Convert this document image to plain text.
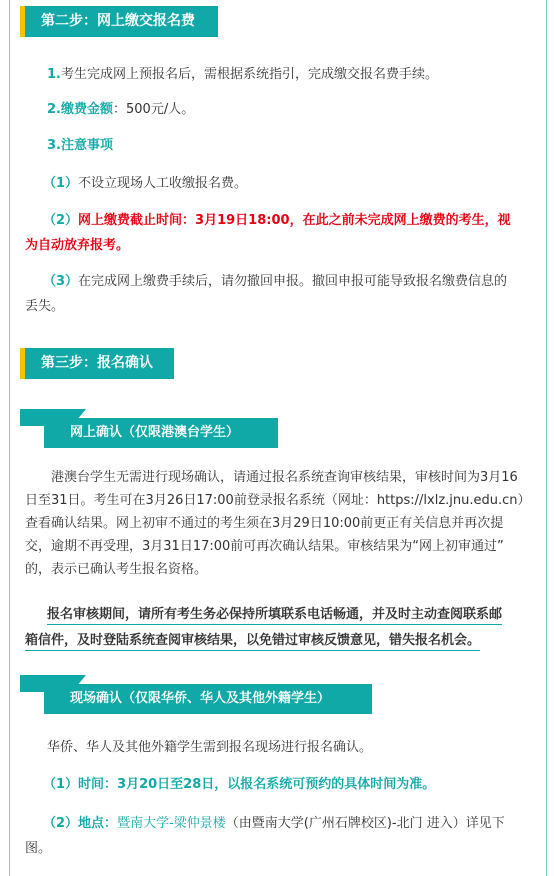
第二步：网上缴交报名费
1.考生完成网上预报名后，需根据系统指引，完成缴交报名费手续。
2.缴费金额：500元/人。
3.注意事项
（1）不设立现场人工收缴报名费。
（2）网上缴费截止时间：3月19日18:00，在此之前未完成网上缴费的考生，视
为自动放弃报考。
（3）在完成网上缴费手续后，请勿撤回申报。撤回申报可能导致报名缴费信息的
丢失。
第三步：报名确认
网上确认（仅限港澳台学生）
港澳台学生无需进行现场确认，请通过报名系统查询审核结果，审核时间为3月16
日至31日。考生可在3月26日17:00前登录报名系统（网址：https://lxlz.jnu.edu.cn）
查看确认结果。网上初审不通过的考生须在3月29日10:00前更正有关信息并再次提
交，逾期不再受理，3月31日17:00前可再次确认结果。审核结果为“网上初审通过”
的，表示已确认考生报名资格。
报名审核期间，请所有考生务必保持所填联系电话畅通，并及时主动查阅联系邮
箱信件，及时登陆系统查阅审核结果，以免错过审核反馈意见，错失报名机会。
现场确认（仅限华侨、华人及其他外籍学生）
华侨、华人及其他外籍学生需到报名现场进行报名确认。
（1）时间：3月20日至28日，以报名系统可预约的具体时间为准。
（2）地点：暨南大学-梁仲景楼（由暨南大学(广州石牌校区)-北门 进入）详见下
图。
